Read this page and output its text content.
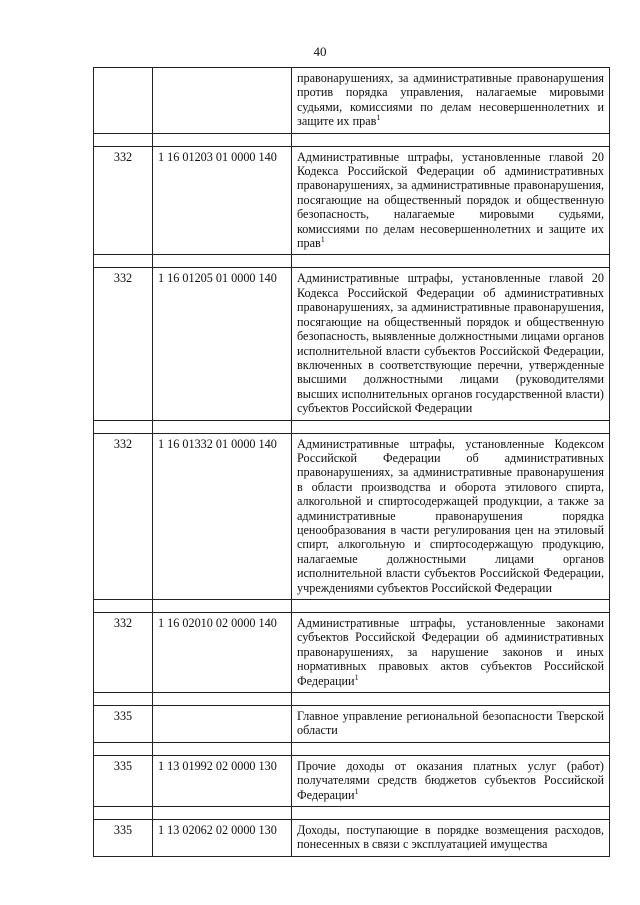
40
		правонарушениях, за административные правонарушения против порядка управления, налагаемые мировыми судьями, комиссиями по делам несовершеннолетних и защите их прав$^1$

332	1 16 01203 01 0000 140	Административные штрафы, установленные главой 20 Кодекса Российской Федерации об административных правонарушениях, за административные правонарушения, посягающие на общественный порядок и общественную безопасность, налагаемые мировыми судьями, комиссиями по делам несовершеннолетних и защите их прав$^1$

332	1 16 01205 01 0000 140	Административные штрафы, установленные главой 20 Кодекса Российской Федерации об административных правонарушениях, за административные правонарушения, посягающие на общественный порядок и общественную безопасность, выявленные должностными лицами органов исполнительной власти субъектов Российской Федерации, включенных в соответствующие перечни, утвержденные высшими должностными лицами (руководителями высших исполнительных органов государственной власти) субъектов Российской Федерации

332	1 16 01332 01 0000 140	Административные штрафы, установленные Кодексом Российской Федерации об административных правонарушениях, за административные правонарушения в области производства и оборота этилового спирта, алкогольной и спиртосодержащей продукции, а также за административные правонарушения порядка ценообразования в части регулирования цен на этиловый спирт, алкогольную и спиртосодержащую продукцию, налагаемые должностными лицами органов исполнительной власти субъектов Российской Федерации, учреждениями субъектов Российской Федерации

332	1 16 02010 02 0000 140	Административные штрафы, установленные законами субъектов Российской Федерации об административных правонарушениях, за нарушение законов и иных нормативных правовых актов субъектов Российской Федерации$^1$

335		Главное управление региональной безопасности Тверской области

335	1 13 01992 02 0000 130	Прочие доходы от оказания платных услуг (работ) получателями средств бюджетов субъектов Российской Федерации$^1$

335	1 13 02062 02 0000 130	Доходы, поступающие в порядке возмещения расходов, понесенных в связи с эксплуатацией имущества
